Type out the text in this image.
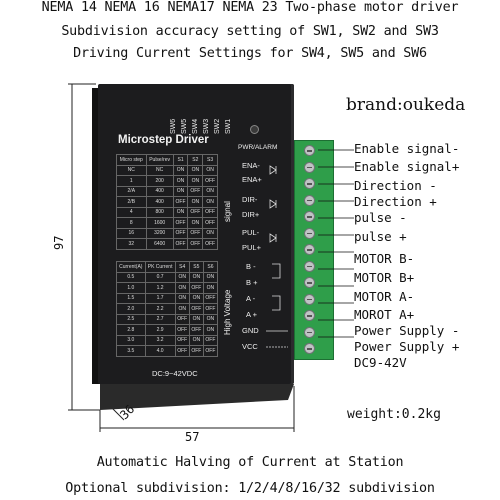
NEMA 14 NEMA 16 NEMA17 NEMA 23 Two-phase motor driver
Subdivision accuracy setting of SW1, SW2 and SW3
Driving Current Settings for SW4, SW5 and SW6
SW6 SW5 SW4 SW3 SW2 SW1
Microstep Driver
PWR/ALARM
Micro step	Pulse/rev	S1	S2	S3
NC	NC	ON	ON	ON
1	200	ON	ON	OFF
2/A	400	ON	OFF	ON
2/B	400	OFF	ON	ON
4	800	ON	OFF	OFF
8	1600	OFF	ON	OFF
16	3200	OFF	OFF	ON
32	6400	OFF	OFF	OFF
Current(A)	PK Current	S4	S5	S6
0.5	0.7	ON	ON	ON
1.0	1.2	ON	OFF	ON
1.5	1.7	ON	ON	OFF
2.0	2.2	ON	OFF	OFF
2.5	2.7	OFF	ON	ON
2.8	2.9	OFF	OFF	ON
3.0	3.2	OFF	ON	OFF
3.5	4.0	OFF	OFF	OFF
signal
High Voltage
ENA-
ENA+
DIR-
DIR+
PUL-
PUL+
B -
B +
A -
A +
GND
VCC
DC:9~42VDC
brand:oukeda
Enable signal-
Enable signal+
Direction -
Direction +
pulse -
pulse +
MOTOR B-
MOTOR B+
MOTOR A-
MOROT A+
Power Supply -
Power Supply +
DC9-42V
97
36
57
weight:0.2kg
Automatic Halving of Current at Station
Optional subdivision: 1/2/4/8/16/32 subdivision
